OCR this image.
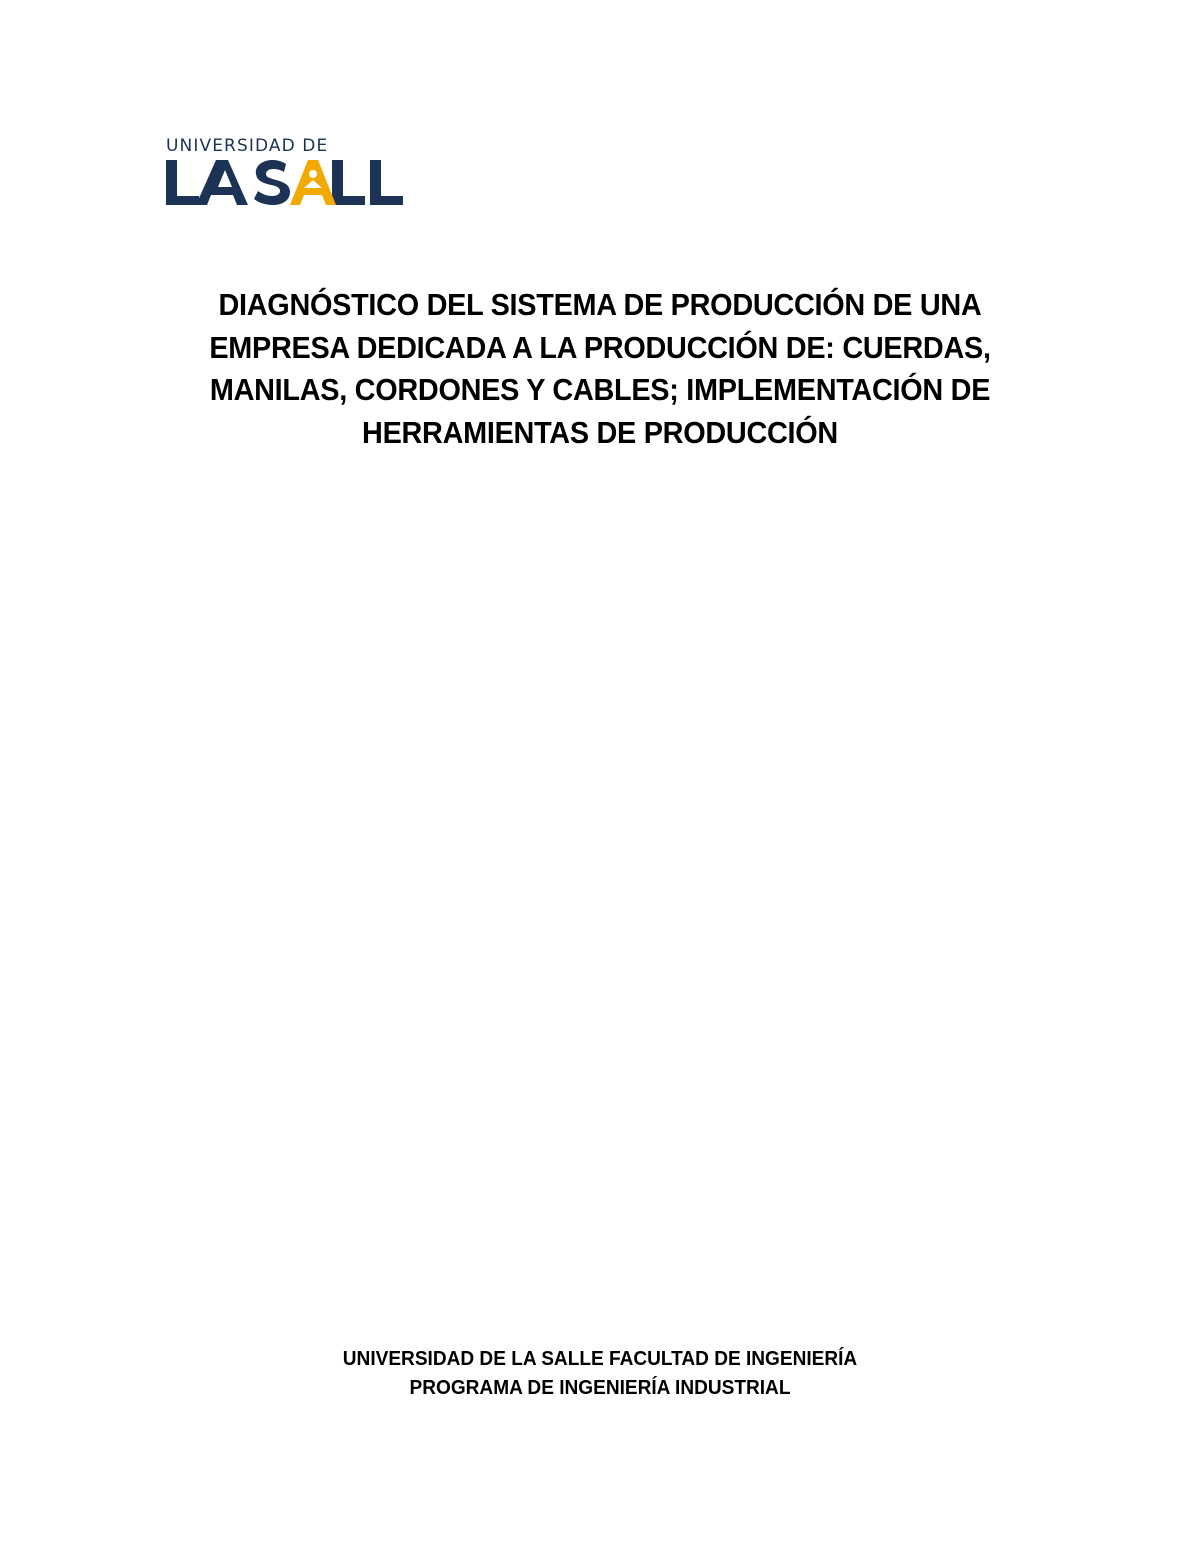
UNIVERSIDAD DE
DIAGNÓSTICO DEL SISTEMA DE PRODUCCIÓN DE UNA EMPRESA DEDICADA A LA PRODUCCIÓN DE: CUERDAS, MANILAS, CORDONES Y CABLES; IMPLEMENTACIÓN DE HERRAMIENTAS DE PRODUCCIÓN
UNIVERSIDAD DE LA SALLE FACULTAD DE INGENIERÍA
PROGRAMA DE INGENIERÍA INDUSTRIAL
